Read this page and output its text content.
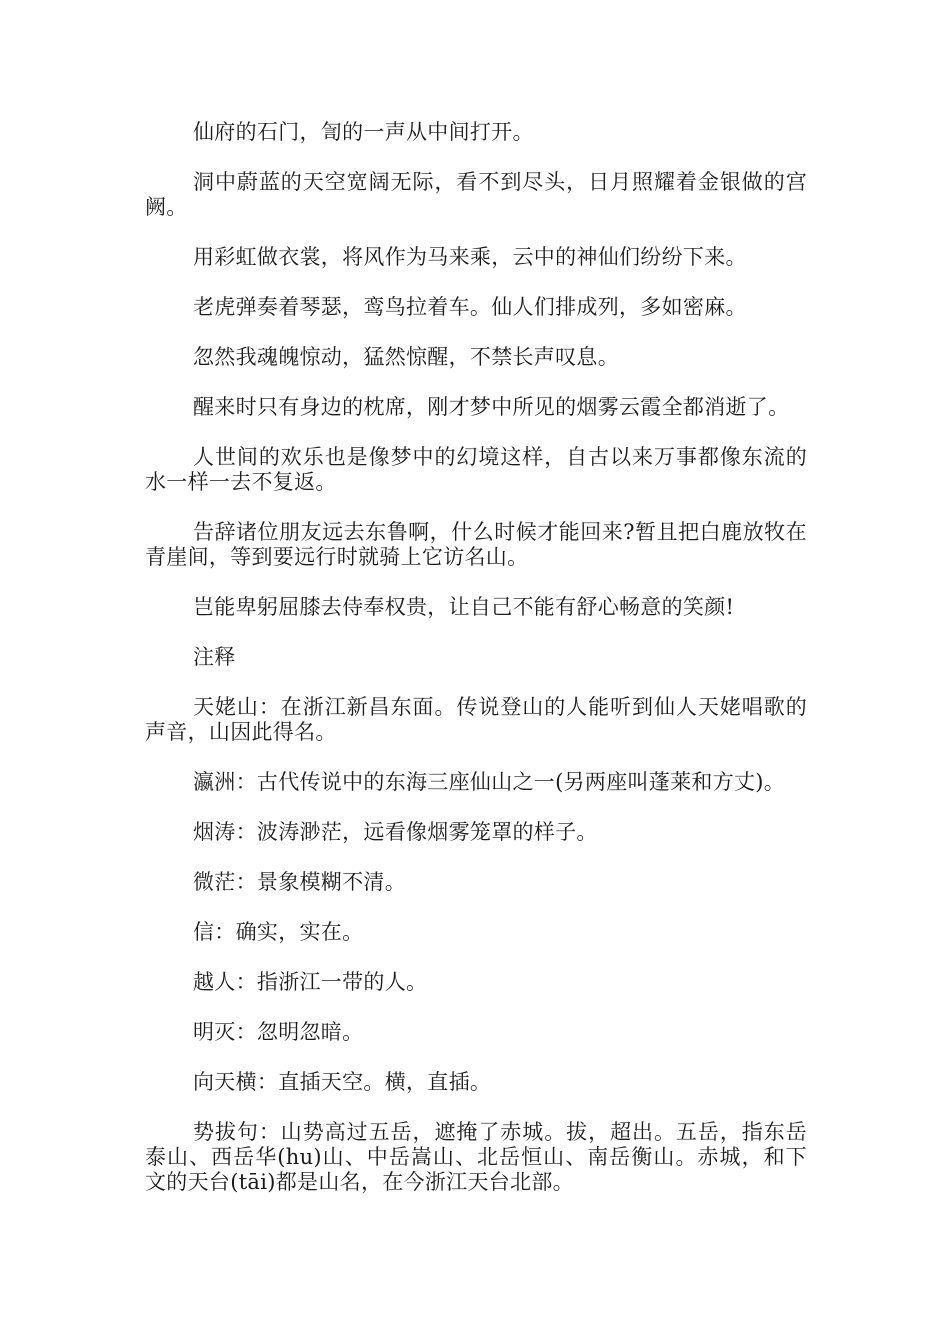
仙府的石门，訇的一声从中间打开。

洞中蔚蓝的天空宽阔无际，看不到尽头，日月照耀着金银做的宫阙。

用彩虹做衣裳，将风作为马来乘，云中的神仙们纷纷下来。

老虎弹奏着琴瑟，鸾鸟拉着车。仙人们排成列，多如密麻。

忽然我魂魄惊动，猛然惊醒，不禁长声叹息。

醒来时只有身边的枕席，刚才梦中所见的烟雾云霞全都消逝了。

人世间的欢乐也是像梦中的幻境这样，自古以来万事都像东流的水一样一去不复返。

告辞诸位朋友远去东鲁啊，什么时候才能回来?暂且把白鹿放牧在青崖间，等到要远行时就骑上它访名山。

岂能卑躬屈膝去侍奉权贵，让自己不能有舒心畅意的笑颜!

注释

天姥山：在浙江新昌东面。传说登山的人能听到仙人天姥唱歌的声音，山因此得名。

瀛洲：古代传说中的东海三座仙山之一(另两座叫蓬莱和方丈)。

烟涛：波涛渺茫，远看像烟雾笼罩的样子。

微茫：景象模糊不清。

信：确实，实在。

越人：指浙江一带的人。

明灭：忽明忽暗。

向天横：直插天空。横，直插。

势拔句：山势高过五岳，遮掩了赤城。拔，超出。五岳，指东岳泰山、西岳华(hu)山、中岳嵩山、北岳恒山、南岳衡山。赤城，和下文的天台(tāi)都是山名，在今浙江天台北部。
